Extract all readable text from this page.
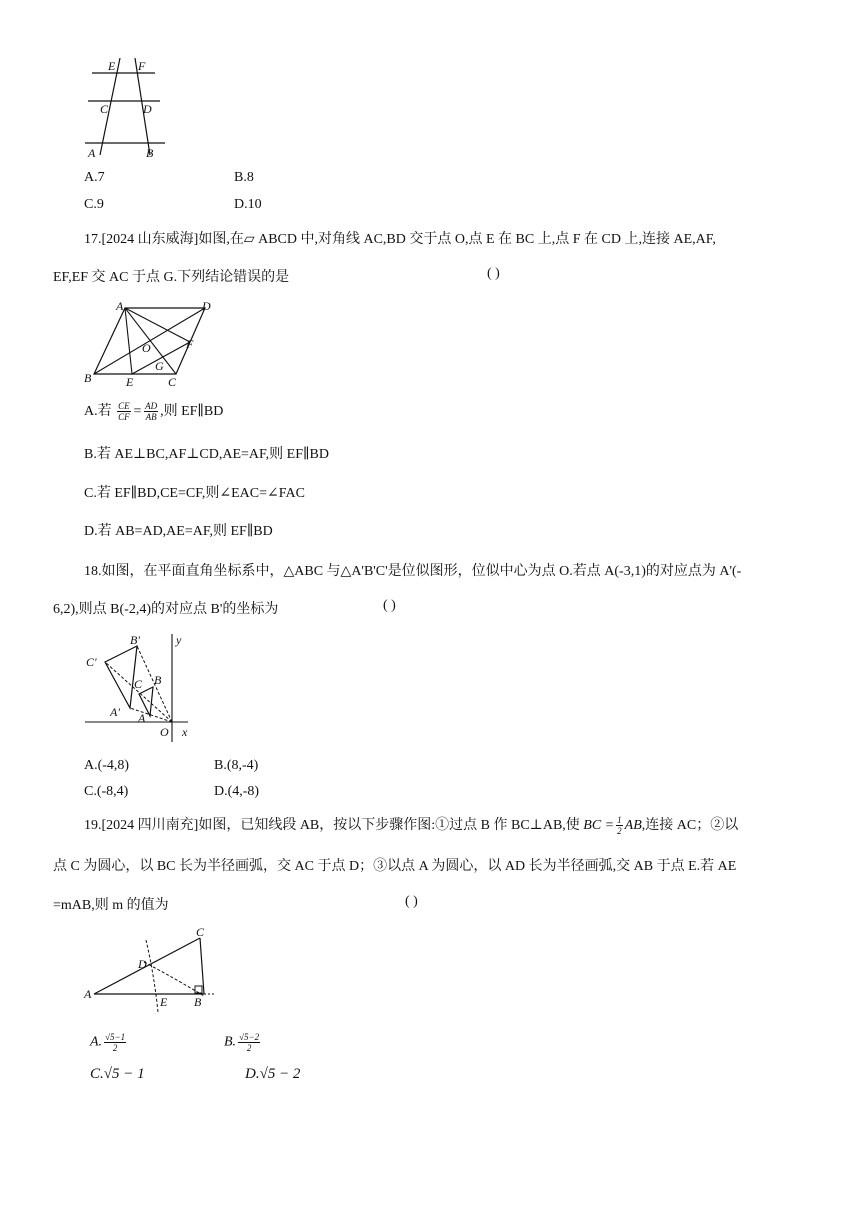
E F
C	D
A	B
A.7	B.8
C.9	D.10
17.[2024 山东威海]如图,在▱ ABCD 中,对角线 AC,BD 交于点 O,点 E 在 BC 上,点 F 在 CD 上,连接 AE,AF,
EF,EF 交 AC 于点 G.下列结论错误的是	( )
A	D
O	F
G
B	E	C
A.若 $\frac{CE}{CF} = \frac{AD}{AB}$ ,则 EF∥BD
B.若 AE⊥BC,AF⊥CD,AE=AF,则 EF∥BD
C.若 EF∥BD,CE=CF,则∠EAC=∠FAC
D.若 AB=AD,AE=AF,则 EF∥BD
18.如图，在平面直角坐标系中，△ABC 与△A'B'C'是位似图形，位似中心为点 O.若点 A(-3,1)的对应点为 A'(-
6,2),则点 B(-2,4)的对应点 B'的坐标为	( )
B'	y
C'
B
C
A' A
O x
A.(-4,8)	B.(8,-4)
C.(-8,4)	D.(4,-8)
19.[2024 四川南充]如图，已知线段 AB，按以下步骤作图:①过点 B 作 BC⊥AB,使 BC = $\frac{1}{2}$ AB,连接 AC；②以
点 C 为圆心，以 BC 长为半径画弧，交 AC 于点 D；③以点 A 为圆心，以 AD 长为半径画弧,交 AB 于点 E.若 AE
=mAB,则 m 的值为	( )
C
D
A
E B
A. $\frac{√5-1}{2}$	B. $\frac{√5-2}{2}$
C.√5 − 1	D.√5 − 2
